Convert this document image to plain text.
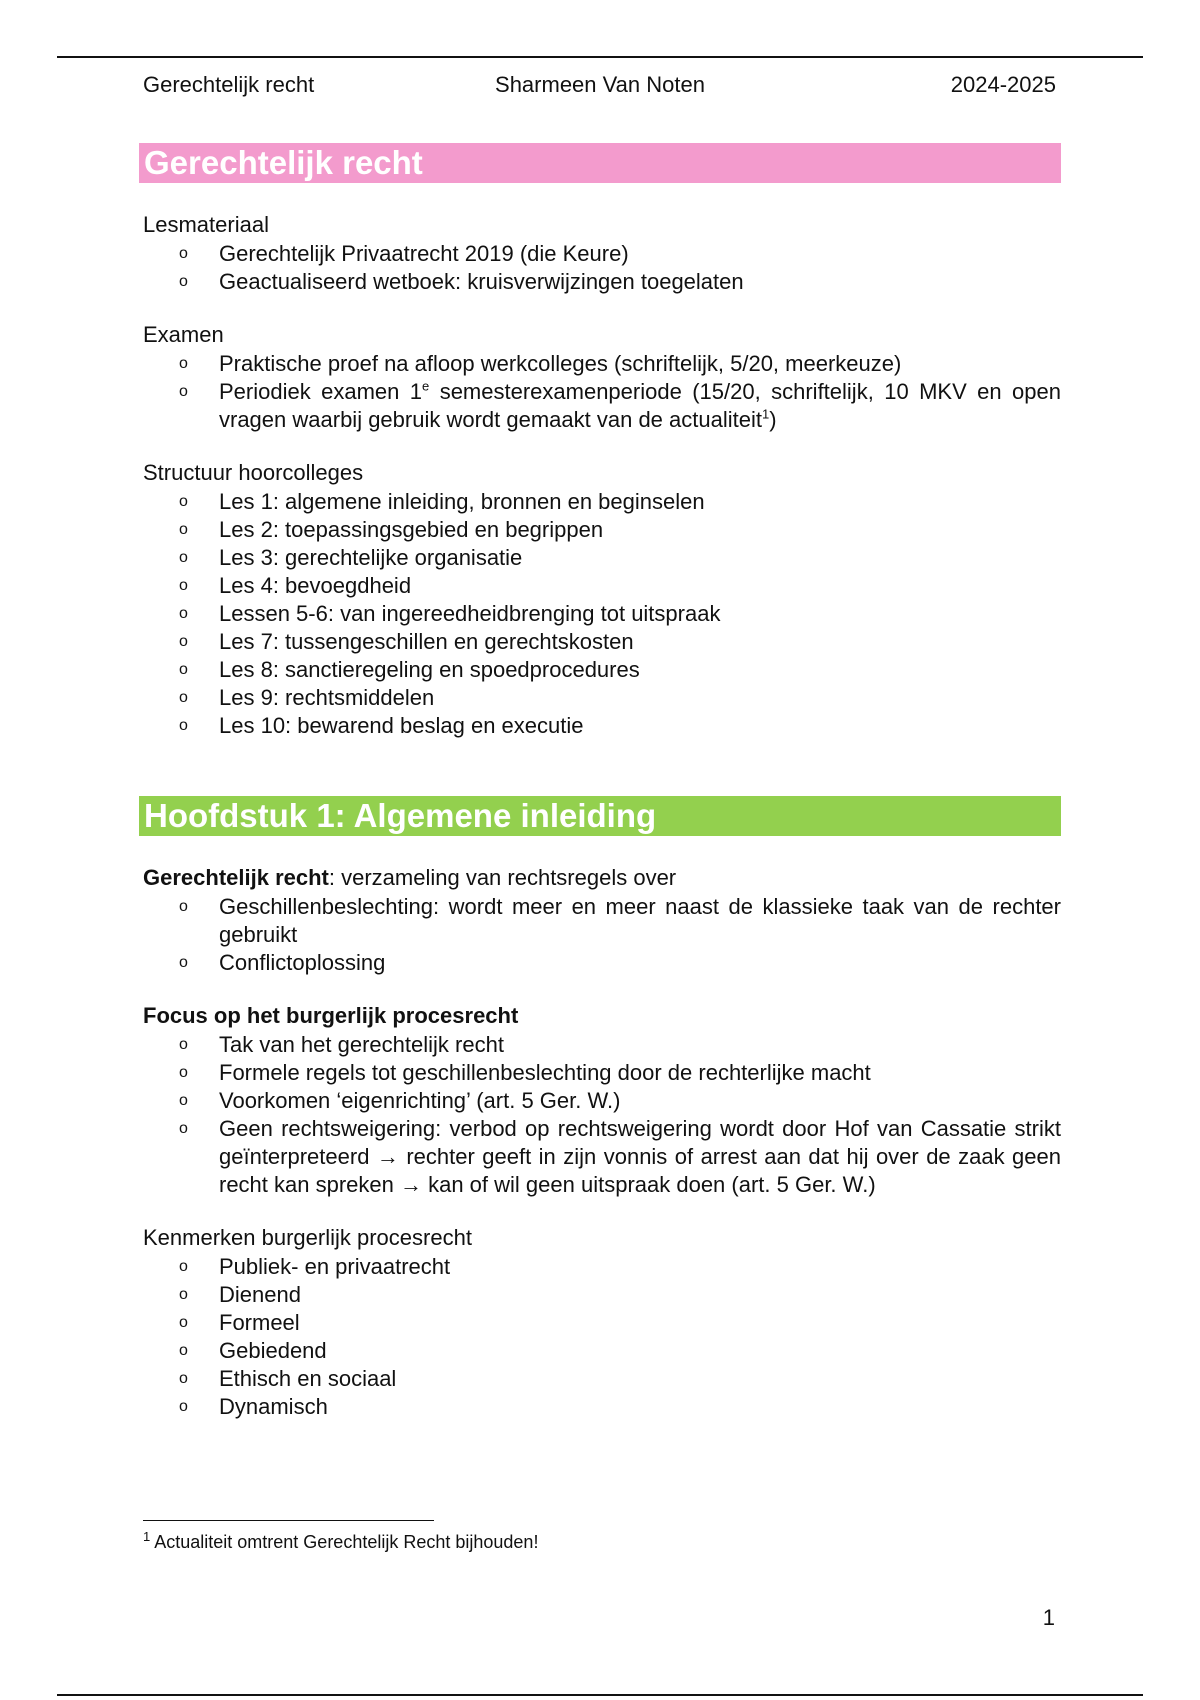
Gerechtelijk recht	Sharmeen Van Noten	2024-2025
Gerechtelijk recht
Lesmateriaal
o Gerechtelijk Privaatrecht 2019 (die Keure)
o Geactualiseerd wetboek: kruisverwijzingen toegelaten
Examen
o Praktische proef na afloop werkcolleges (schriftelijk, 5/20, meerkeuze)
o Periodiek examen 1e semesterexamenperiode (15/20, schriftelijk, 10 MKV en open vragen waarbij gebruik wordt gemaakt van de actualiteit$^1$)
Structuur hoorcolleges
o Les 1: algemene inleiding, bronnen en beginselen
o Les 2: toepassingsgebied en begrippen
o Les 3: gerechtelijke organisatie
o Les 4: bevoegdheid
o Lessen 5-6: van ingereedheidbrenging tot uitspraak
o Les 7: tussengeschillen en gerechtskosten
o Les 8: sanctieregeling en spoedprocedures
o Les 9: rechtsmiddelen
o Les 10: bewarend beslag en executie
Hoofdstuk 1: Algemene inleiding
Gerechtelijk recht: verzameling van rechtsregels over
o Geschillenbeslechting: wordt meer en meer naast de klassieke taak van de rechter gebruikt
o Conflictoplossing
Focus op het burgerlijk procesrecht
o Tak van het gerechtelijk recht
o Formele regels tot geschillenbeslechting door de rechterlijke macht
o Voorkomen ‘eigenrichting’ (art. 5 Ger. W.)
o Geen rechtsweigering: verbod op rechtsweigering wordt door Hof van Cassatie strikt geïnterpreteerd → rechter geeft in zijn vonnis of arrest aan dat hij over de zaak geen recht kan spreken → kan of wil geen uitspraak doen (art. 5 Ger. W.)
Kenmerken burgerlijk procesrecht
o Publiek- en privaatrecht
o Dienend
o Formeel
o Gebiedend
o Ethisch en sociaal
o Dynamisch
$^1$ Actualiteit omtrent Gerechtelijk Recht bijhouden!
1
